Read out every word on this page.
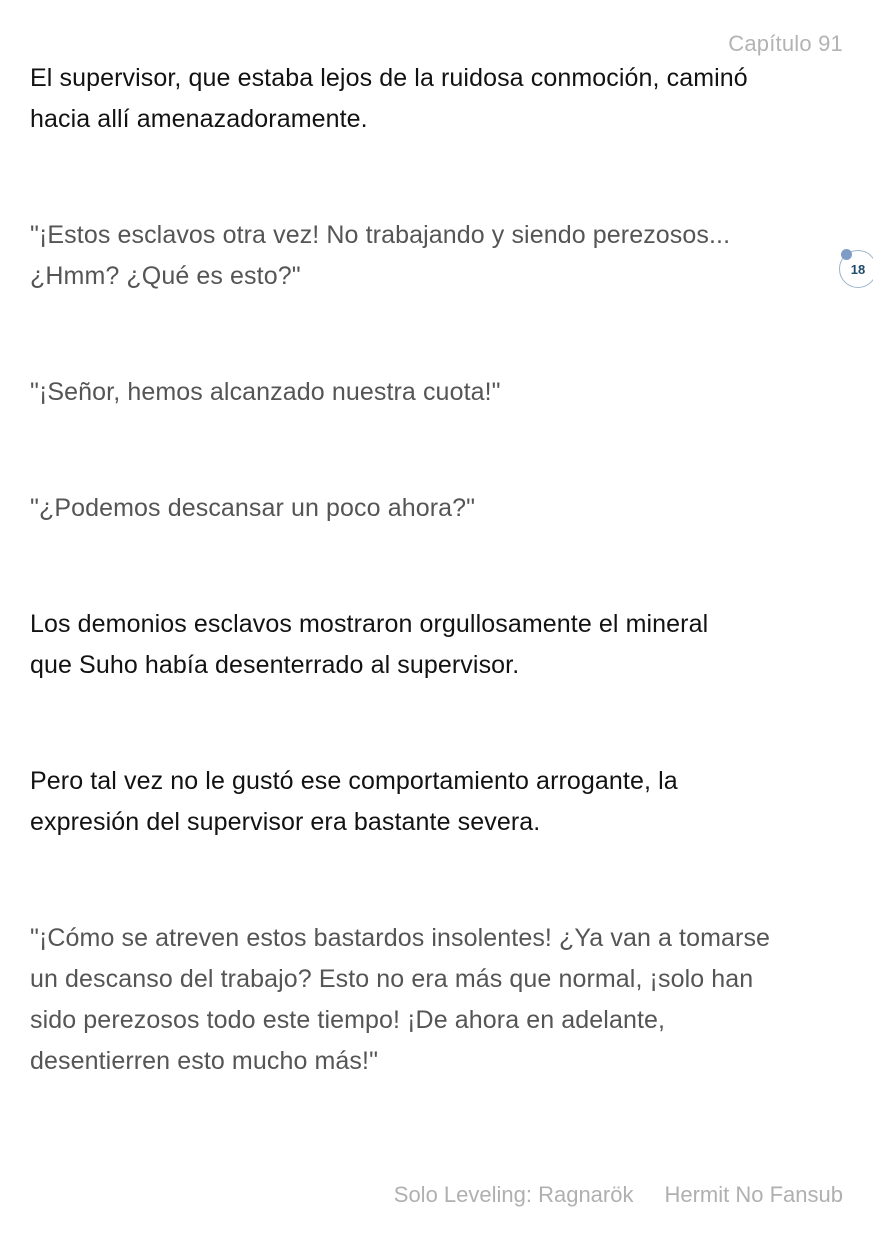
Capítulo 91

El supervisor, que estaba lejos de la ruidosa conmoción, caminó
hacia allí amenazadoramente.

"¡Estos esclavos otra vez! No trabajando y siendo perezosos...
¿Hmm? ¿Qué es esto?"

"¡Señor, hemos alcanzado nuestra cuota!"

"¿Podemos descansar un poco ahora?"

Los demonios esclavos mostraron orgullosamente el mineral
que Suho había desenterrado al supervisor.

Pero tal vez no le gustó ese comportamiento arrogante, la
expresión del supervisor era bastante severa.

"¡Cómo se atreven estos bastardos insolentes! ¿Ya van a tomarse
un descanso del trabajo? Esto no era más que normal, ¡solo han
sido perezosos todo este tiempo! ¡De ahora en adelante,
desentierren esto mucho más!"

18
Solo Leveling: Ragnarök Hermit No Fansub
